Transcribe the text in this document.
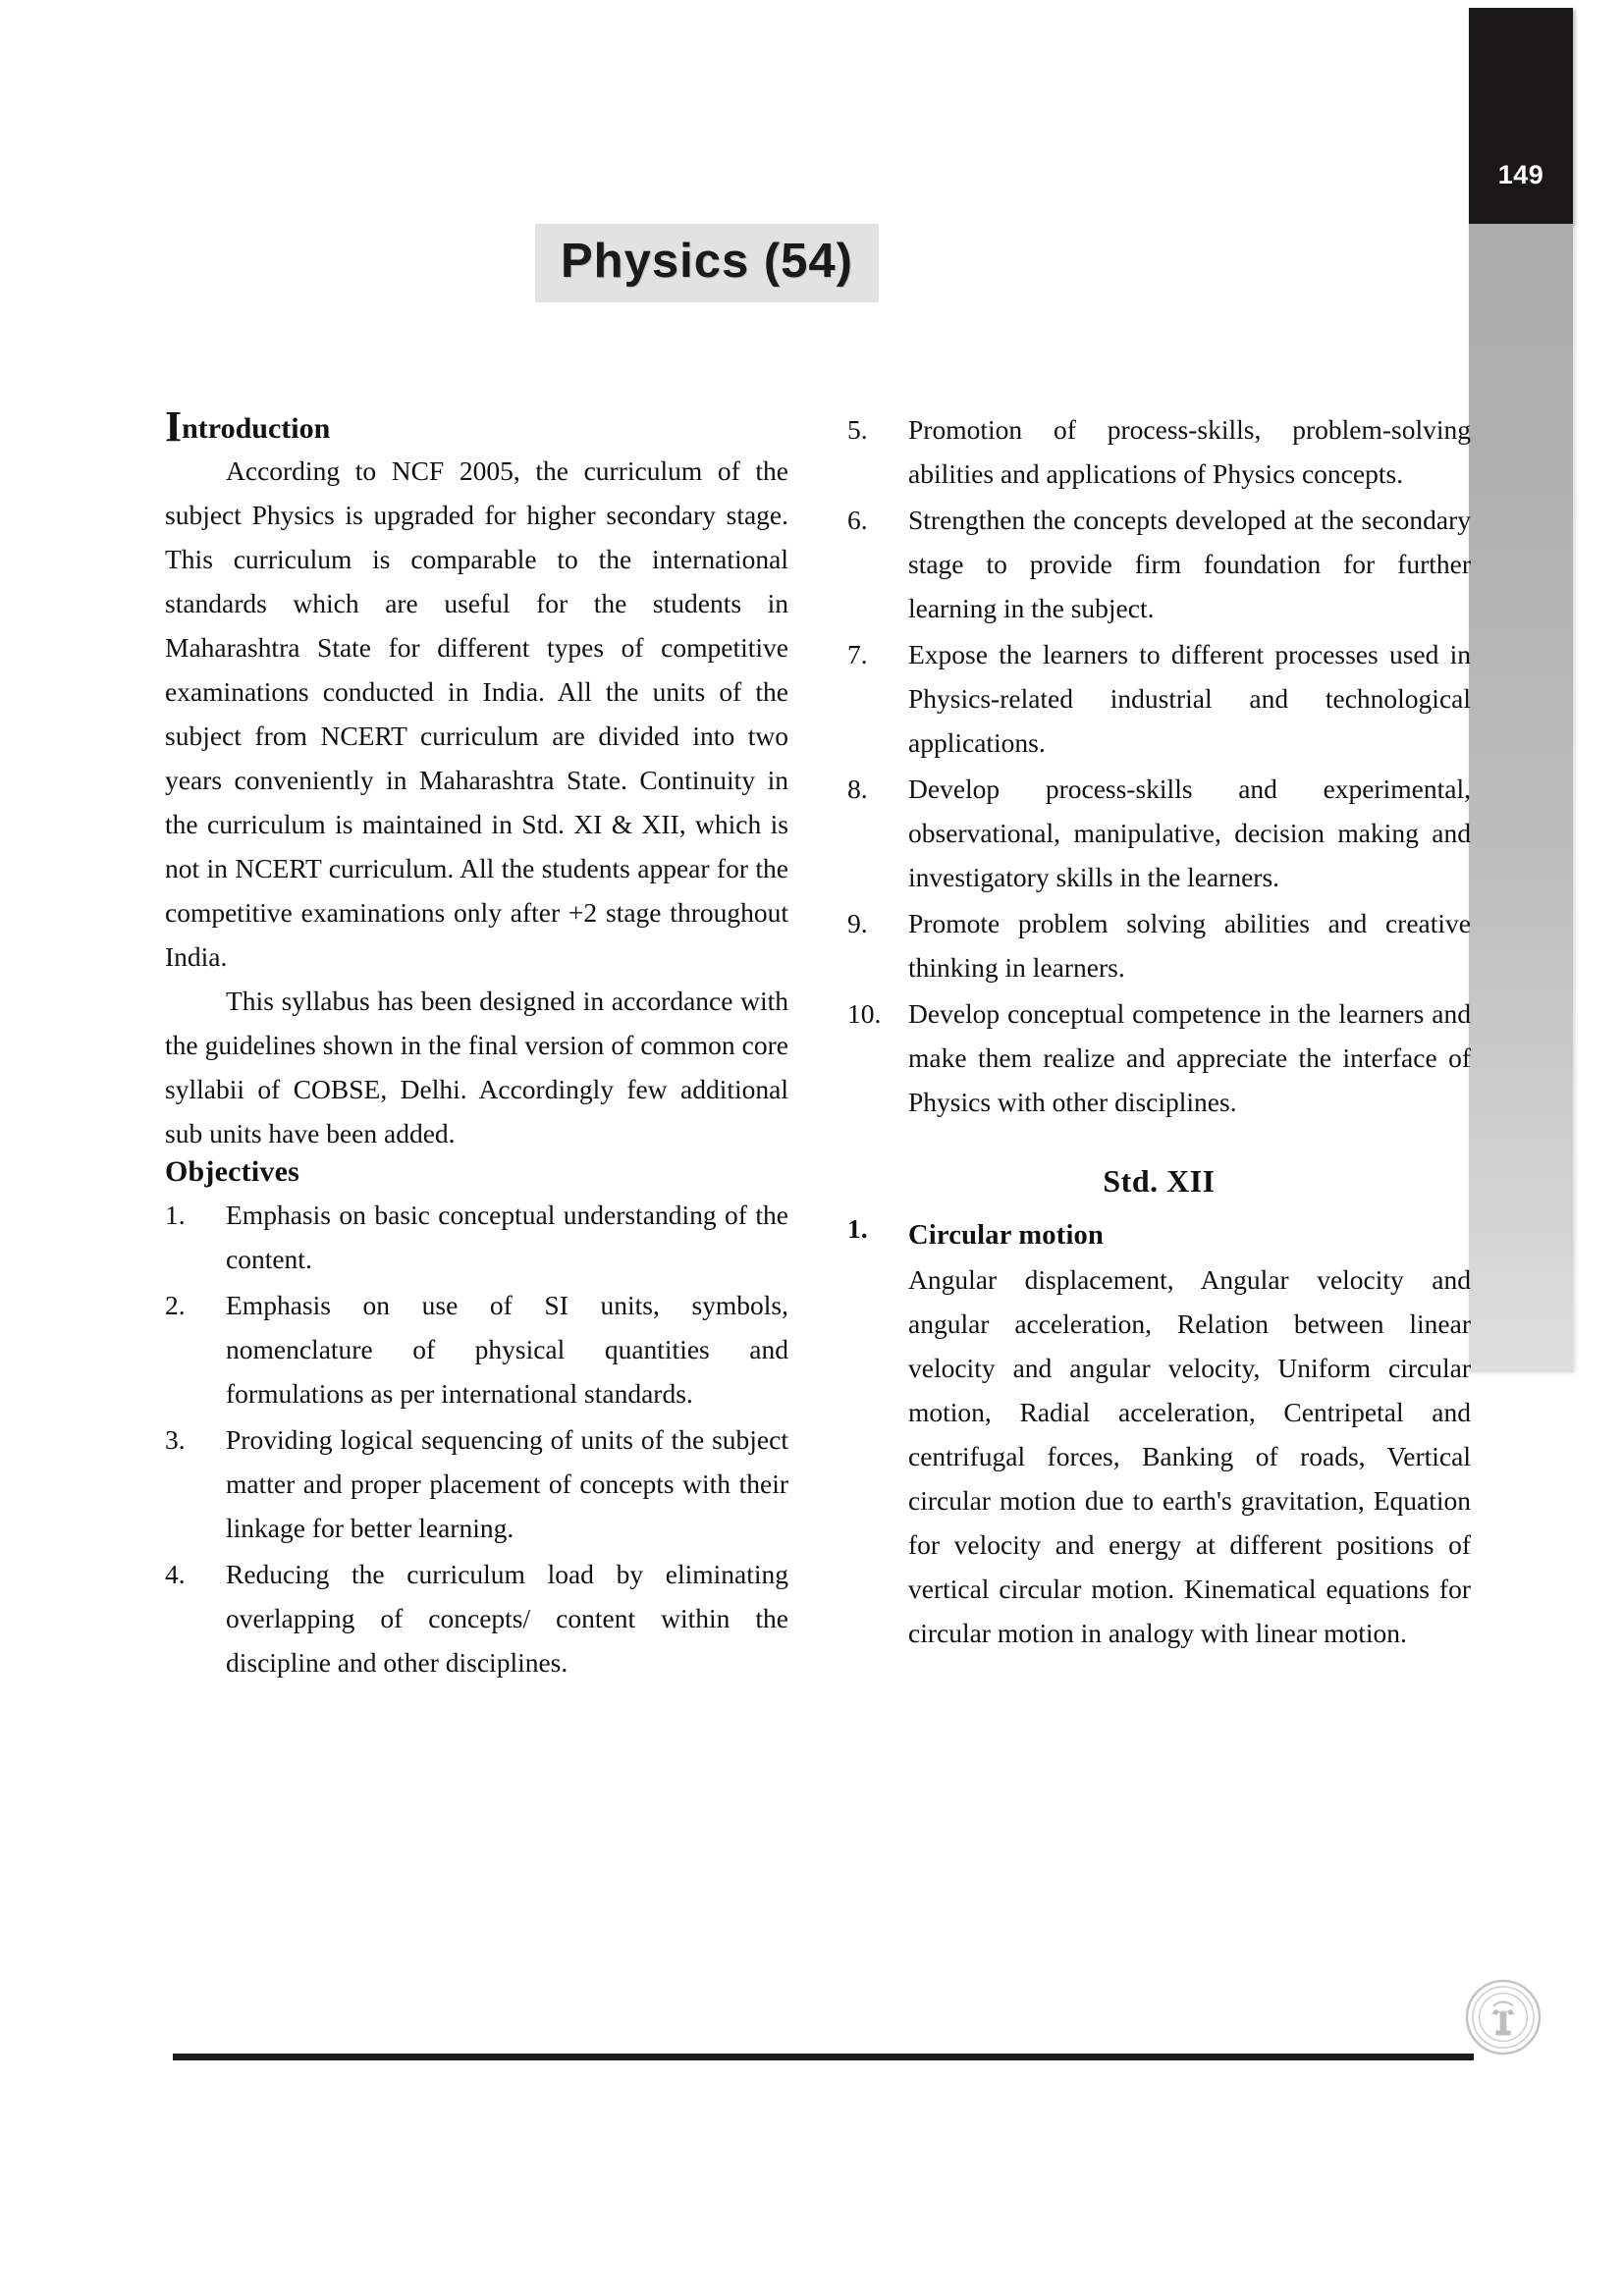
149
Physics (54)
Introduction

According to NCF 2005, the curriculum of the subject Physics is upgraded for higher secondary stage. This curriculum is comparable to the international standards which are useful for the students in Maharashtra State for different types of competitive examinations conducted in India. All the units of the subject from NCERT curriculum are divided into two years conveniently in Maharashtra State. Continuity in the curriculum is maintained in Std. XI & XII, which is not in NCERT curriculum. All the students appear for the competitive examinations only after +2 stage throughout India.

This syllabus has been designed in accordance with the guidelines shown in the final version of common core syllabii of COBSE, Delhi. Accordingly few additional sub units have been added.

Objectives
1.	Emphasis on basic conceptual understanding of the content.
2.	Emphasis on use of SI units, symbols, nomenclature of physical quantities and formulations as per international standards.
3.	Providing logical sequencing of units of the subject matter and proper placement of concepts with their linkage for better learning.
4.	Reducing the curriculum load by eliminating overlapping of concepts/ content within the discipline and other disciplines.
5.	Promotion of process-skills, problem-solving abilities and applications of Physics concepts.
6.	Strengthen the concepts developed at the secondary stage to provide firm foundation for further learning in the subject.
7.	Expose the learners to different processes used in Physics-related industrial and technological applications.
8.	Develop process-skills and experimental, observational, manipulative, decision making and investigatory skills in the learners.
9.	Promote problem solving abilities and creative thinking in learners.
10.	Develop conceptual competence in the learners and make them realize and appreciate the interface of Physics with other disciplines.
Std. XII
1. Circular motion
Angular displacement, Angular velocity and angular acceleration, Relation between linear velocity and angular velocity, Uniform circular motion, Radial acceleration, Centripetal and centrifugal forces, Banking of roads, Vertical circular motion due to earth's gravitation, Equation for velocity and energy at different positions of vertical circular motion. Kinematical equations for circular motion in analogy with linear motion.
